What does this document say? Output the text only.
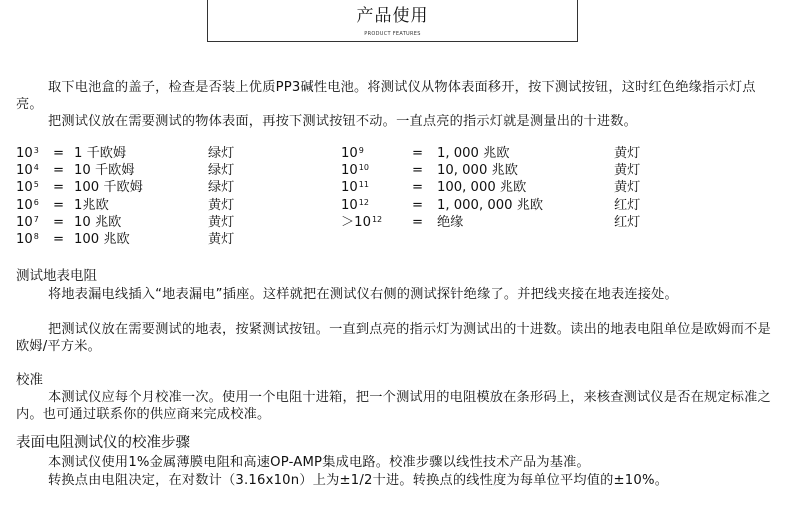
产品使用
PRODUCT FEATURES

取下电池盒的盖子，检查是否装上优质PP3碱性电池。将测试仪从物体表面移开，按下测试按钮，这时红色绝缘指示灯点亮。

把测试仪放在需要测试的物体表面，再按下测试按钮不动。一直点亮的指示灯就是测量出的十进数。

$10^3 = 1$ 千欧姆	绿灯
$10^4 = 10$ 千欧姆	绿灯
$10^5 = 100$ 千欧姆	绿灯
$10^6 = 1$兆欧	黄灯
$10^7 = 10$ 兆欧	黄灯
$10^8 = 100$ 兆欧	黄灯
$10^9$	= 1, 000 兆欧	黄灯
$10^{10}$	= 10, 000 兆欧	黄灯
$10^{11}$	= 100, 000 兆欧	黄灯
$10^{12}$	= 1, 000, 000 兆欧	红灯
$>10^{12}$ = 绝缘	红灯

测试地表电阻

将地表漏电线插入“地表漏电”插座。这样就把在测试仪右侧的测试探针绝缘了。并把线夹接在地表连接处。

把测试仪放在需要测试的地表，按紧测试按钮。一直到点亮的指示灯为测试出的十进数。读出的地表电阻单位是欧姆而不是欧姆/平方米。

校准

本测试仪应每个月校准一次。使用一个电阻十进箱，把一个测试用的电阻模放在条形码上，来核查测试仪是否在规定标准之内。也可通过联系你的供应商来完成校准。

表面电阻测试仪的校准步骤

本测试仪使用1%金属薄膜电阻和高速OP-AMP集成电路。校准步骤以线性技术产品为基准。

转换点由电阻决定，在对数计（3.16x10n）上为±1/2十进。转换点的线性度为每单位平均值的±10%。
